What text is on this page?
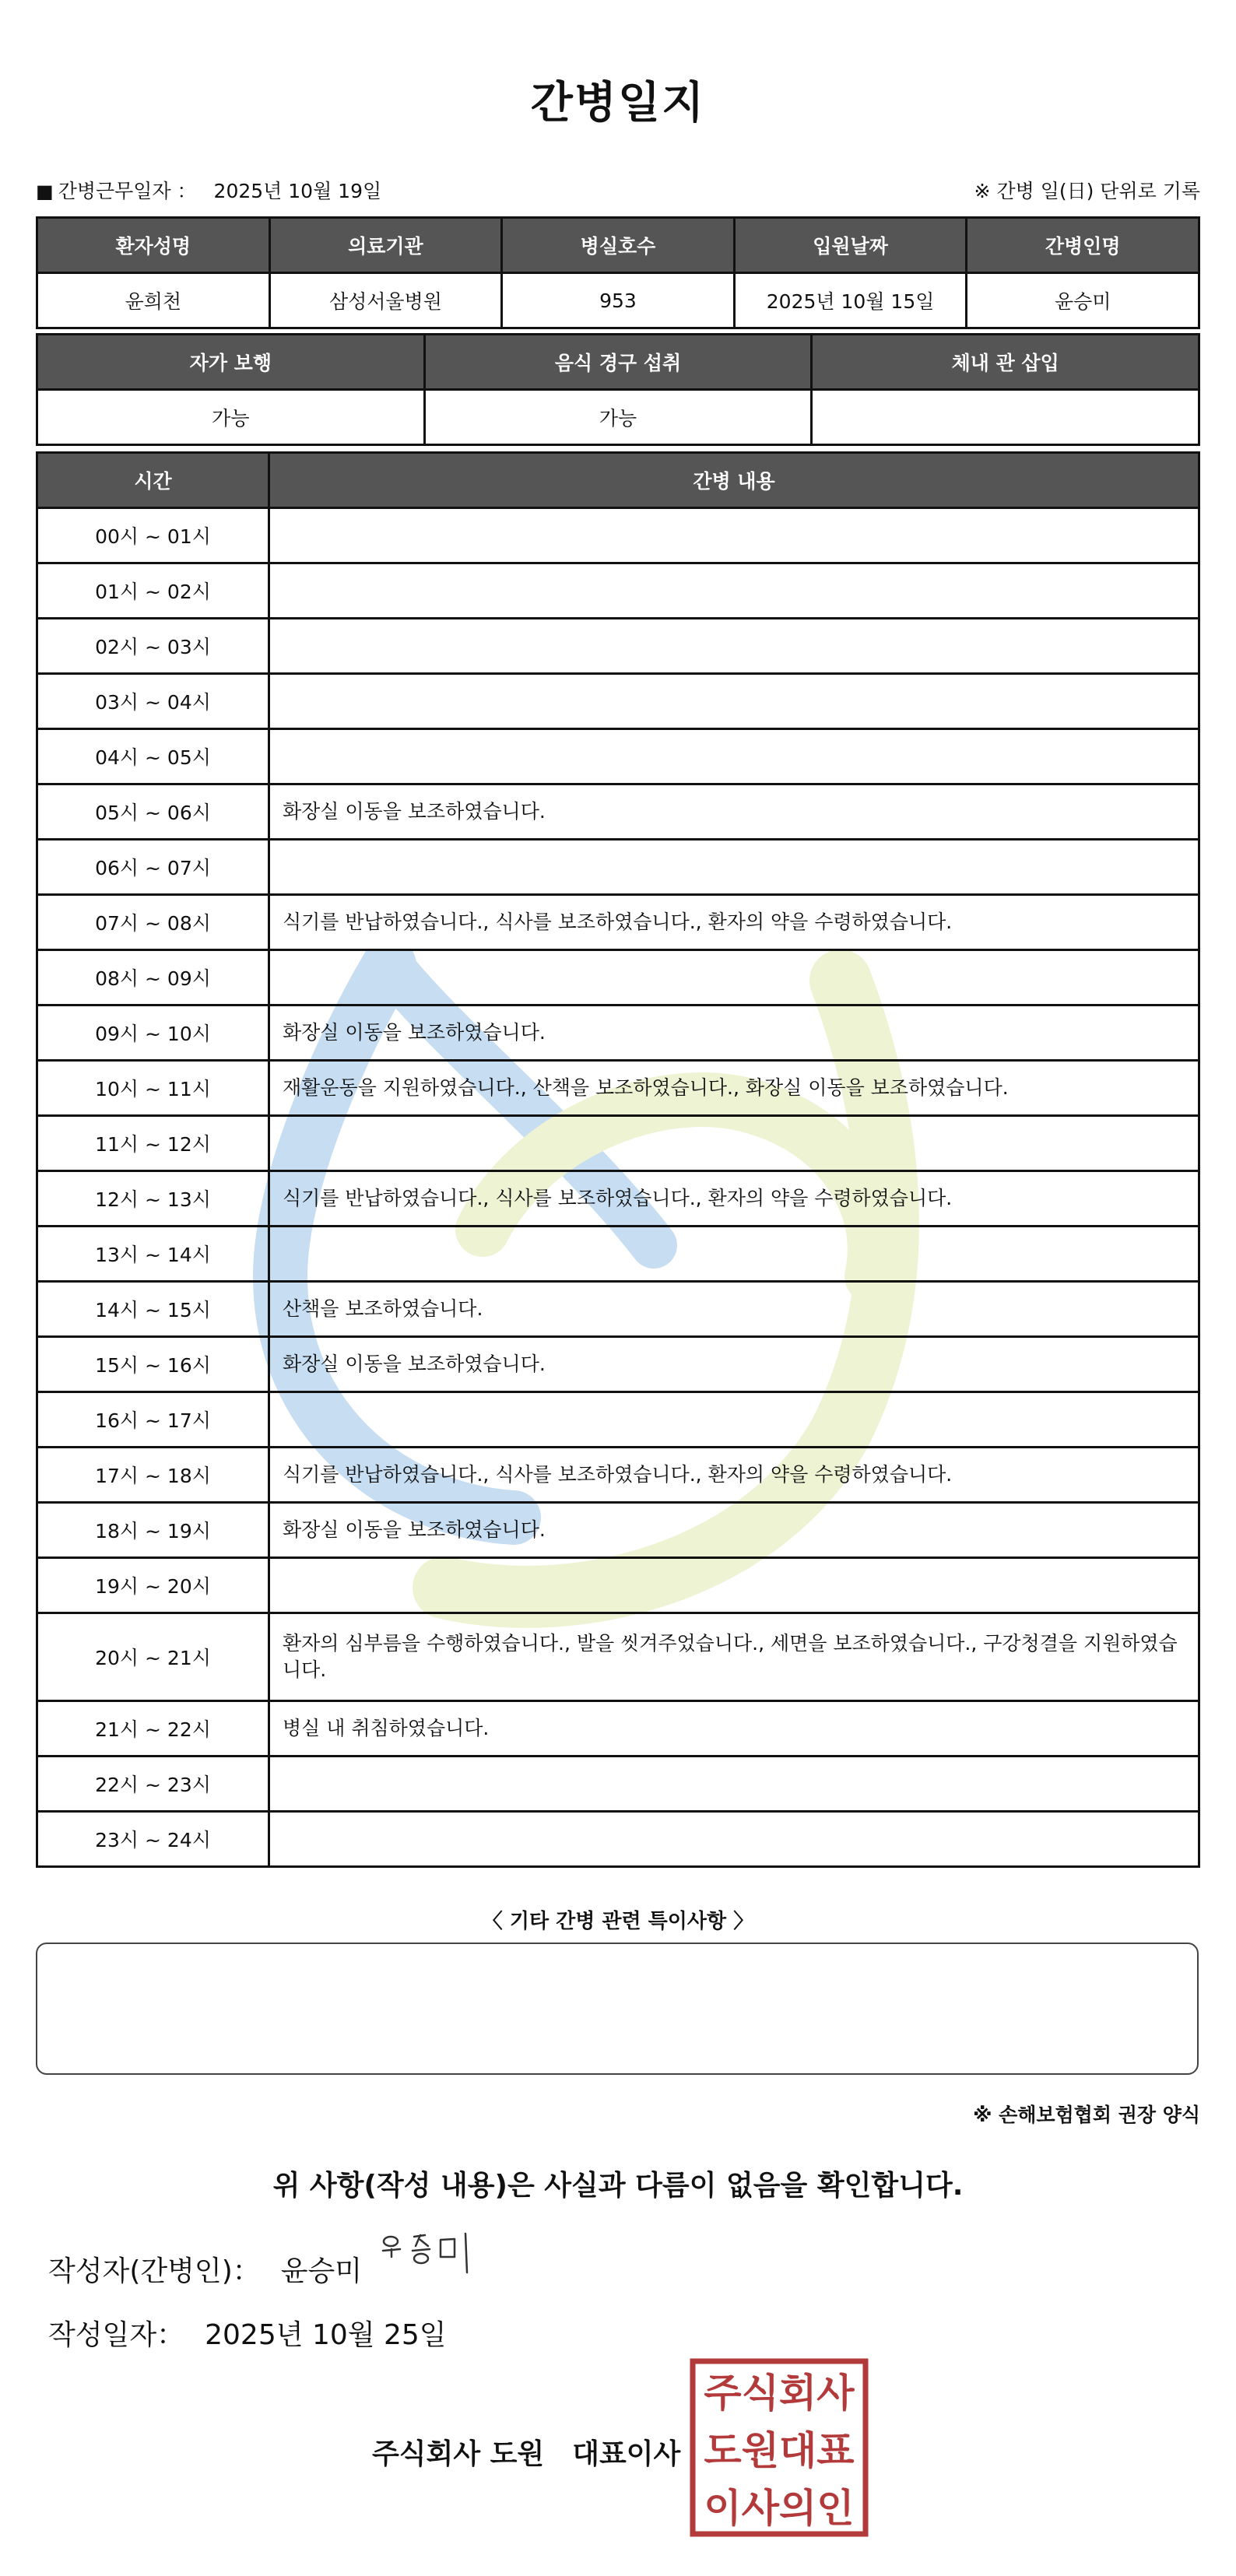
간병일지
■ 간병근무일자 ： 2025년 10월 19일	※ 간병 일(日) 단위로 기록
환자성명	의료기관	병실호수	입원날짜	간병인명
윤희천	삼성서울병원	953	2025년 10월 15일	윤승미
자가 보행	음식 경구 섭취	체내 관 삽입
가능	가능	
시간	간병 내용
00시 ~ 01시	
01시 ~ 02시	
02시 ~ 03시	
03시 ~ 04시	
04시 ~ 05시	
05시 ~ 06시	화장실 이동을 보조하였습니다.
06시 ~ 07시	
07시 ~ 08시	식기를 반납하였습니다., 식사를 보조하였습니다., 환자의 약을 수령하였습니다.
08시 ~ 09시	
09시 ~ 10시	화장실 이동을 보조하였습니다.
10시 ~ 11시	재활운동을 지원하였습니다., 산책을 보조하였습니다., 화장실 이동을 보조하였습니다.
11시 ~ 12시	
12시 ~ 13시	식기를 반납하였습니다., 식사를 보조하였습니다., 환자의 약을 수령하였습니다.
13시 ~ 14시	
14시 ~ 15시	산책을 보조하였습니다.
15시 ~ 16시	화장실 이동을 보조하였습니다.
16시 ~ 17시	
17시 ~ 18시	식기를 반납하였습니다., 식사를 보조하였습니다., 환자의 약을 수령하였습니다.
18시 ~ 19시	화장실 이동을 보조하였습니다.
19시 ~ 20시	
20시 ~ 21시	환자의 심부름을 수행하였습니다., 발을 씻겨주었습니다., 세면을 보조하였습니다., 구강청결을 지원하였습니다.
21시 ~ 22시	병실 내 취침하였습니다.
22시 ~ 23시	
23시 ~ 24시	
〈 기타 간병 관련 특이사항 〉
※ 손해보험협회 권장 양식
위 사항(작성 내용)은 사실과 다름이 없음을 확인합니다.
작성자(간병인)： 윤승미
작성일자： 2025년 10월 25일
주식회사 도원 대표이사
주식회사
도원대표
이사의인
